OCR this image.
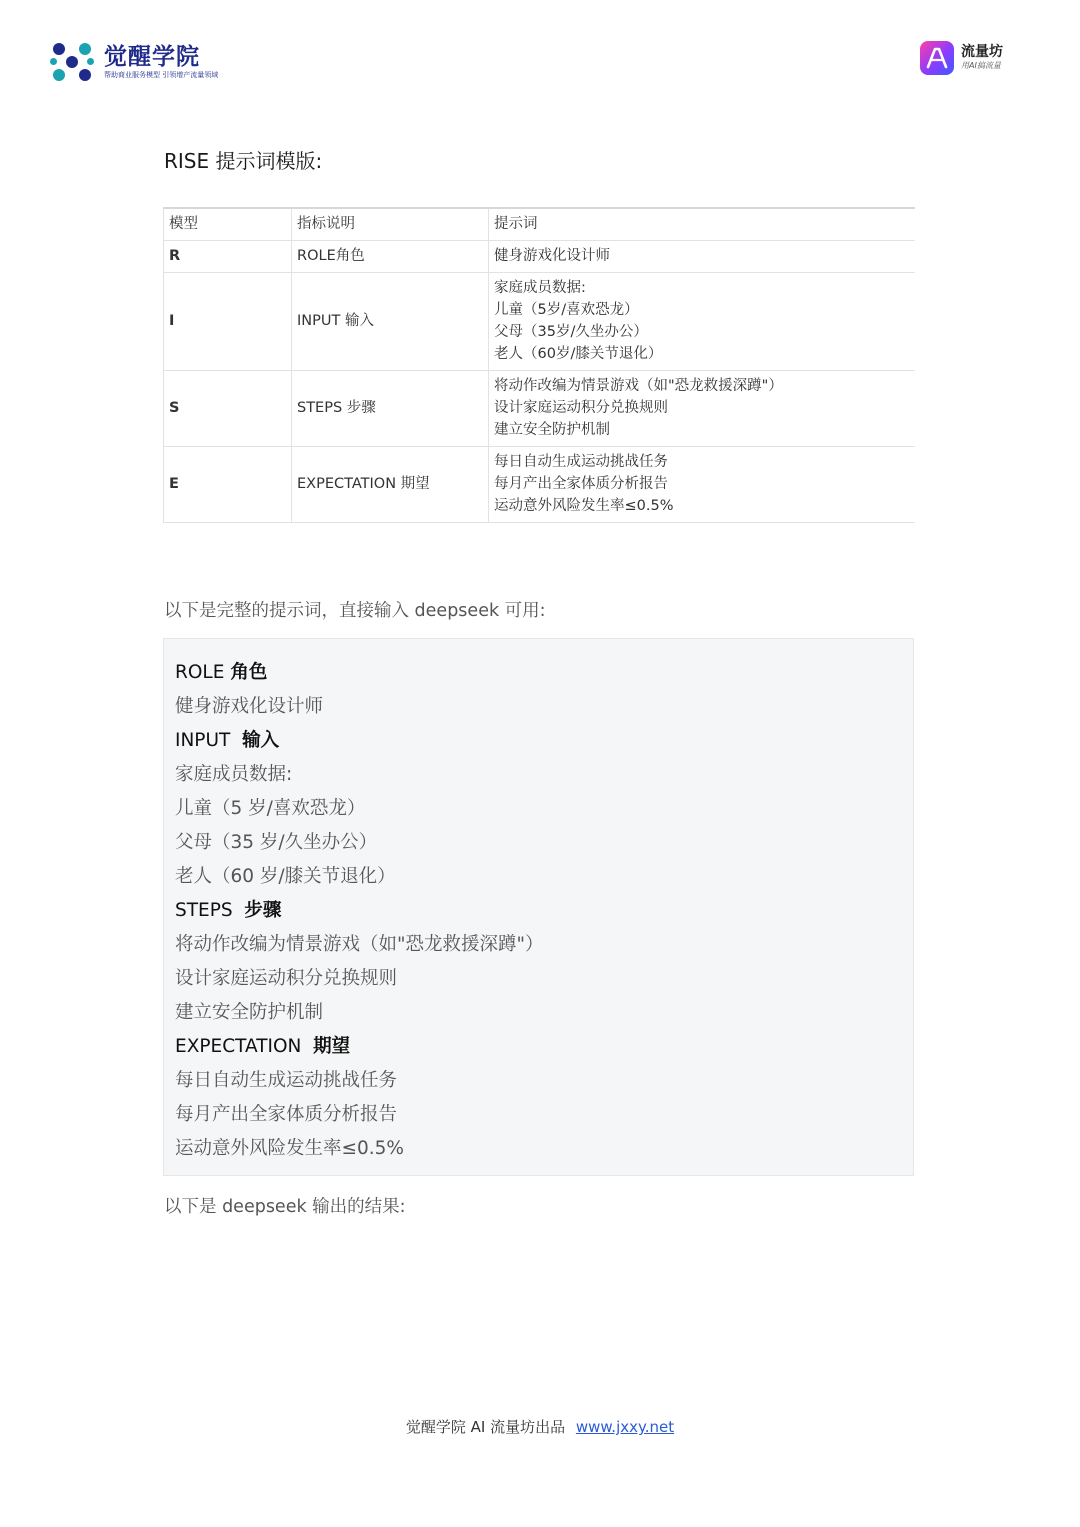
觉醒学院
帮助商业服务模型 引领增产流量领域
流量坊
用AI搞流量
RISE 提示词模版:
模型	指标说明	提示词
R	ROLE角色	健身游戏化设计师
I	INPUT 输入	家庭成员数据:
儿童（5岁/喜欢恐龙）
父母（35岁/久坐办公）
老人（60岁/膝关节退化）

S	STEPS 步骤	将动作改编为情景游戏（如"恐龙救援深蹲"）
设计家庭运动积分兑换规则
建立安全防护机制

E	EXPECTATION 期望	每日自动生成运动挑战任务
每月产出全家体质分析报告
运动意外风险发生率≤0.5%
以下是完整的提示词，直接输入 deepseek 可用:
ROLE 角色
健身游戏化设计师
INPUT 输入
家庭成员数据:
儿童（5 岁/喜欢恐龙）
父母（35 岁/久坐办公）
老人（60 岁/膝关节退化）
STEPS 步骤
将动作改编为情景游戏（如"恐龙救援深蹲"）
设计家庭运动积分兑换规则
建立安全防护机制
EXPECTATION 期望
每日自动生成运动挑战任务
每月产出全家体质分析报告
运动意外风险发生率≤0.5%
以下是 deepseek 输出的结果:
觉醒学院 AI 流量坊出品 www.jxxy.net
